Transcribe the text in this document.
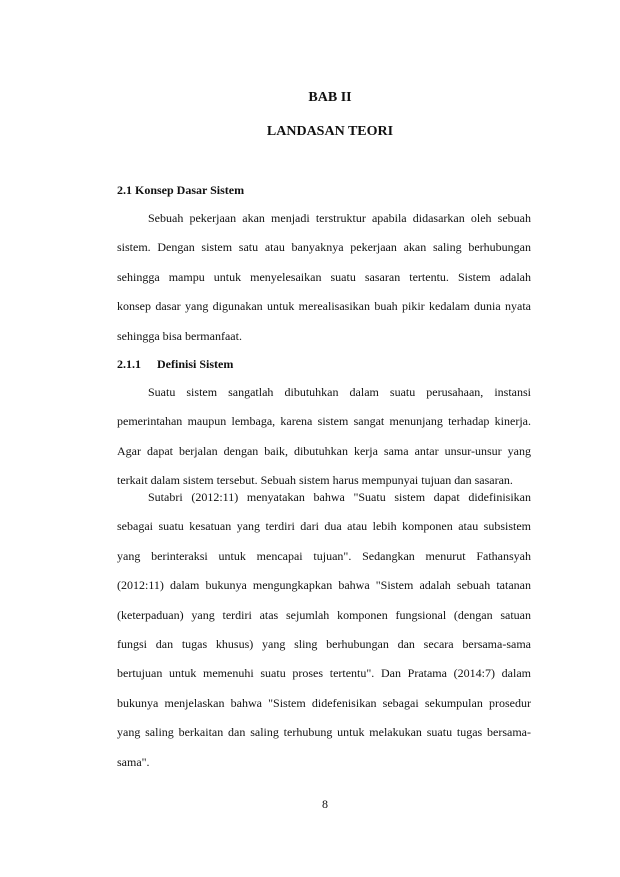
BAB II
LANDASAN TEORI
2.1 Konsep Dasar Sistem
Sebuah pekerjaan akan menjadi terstruktur apabila didasarkan oleh sebuah
sistem. Dengan sistem satu atau banyaknya pekerjaan akan saling berhubungan
sehingga mampu untuk menyelesaikan suatu sasaran tertentu. Sistem adalah
konsep dasar yang digunakan untuk merealisasikan buah pikir kedalam dunia nyata
sehingga bisa bermanfaat.
2.1.1 Definisi Sistem
Suatu sistem sangatlah dibutuhkan dalam suatu perusahaan, instansi
pemerintahan maupun lembaga, karena sistem sangat menunjang terhadap kinerja.
Agar dapat berjalan dengan baik, dibutuhkan kerja sama antar unsur-unsur yang
terkait dalam sistem tersebut. Sebuah sistem harus mempunyai tujuan dan sasaran.
Sutabri (2012:11) menyatakan bahwa "Suatu sistem dapat didefinisikan
sebagai suatu kesatuan yang terdiri dari dua atau lebih komponen atau subsistem
yang berinteraksi untuk mencapai tujuan". Sedangkan menurut Fathansyah
(2012:11) dalam bukunya mengungkapkan bahwa "Sistem adalah sebuah tatanan
(keterpaduan) yang terdiri atas sejumlah komponen fungsional (dengan satuan
fungsi dan tugas khusus) yang sling berhubungan dan secara bersama-sama
bertujuan untuk memenuhi suatu proses tertentu". Dan Pratama (2014:7) dalam
bukunya menjelaskan bahwa "Sistem didefenisikan sebagai sekumpulan prosedur
yang saling berkaitan dan saling terhubung untuk melakukan suatu tugas bersama-
sama".
8
